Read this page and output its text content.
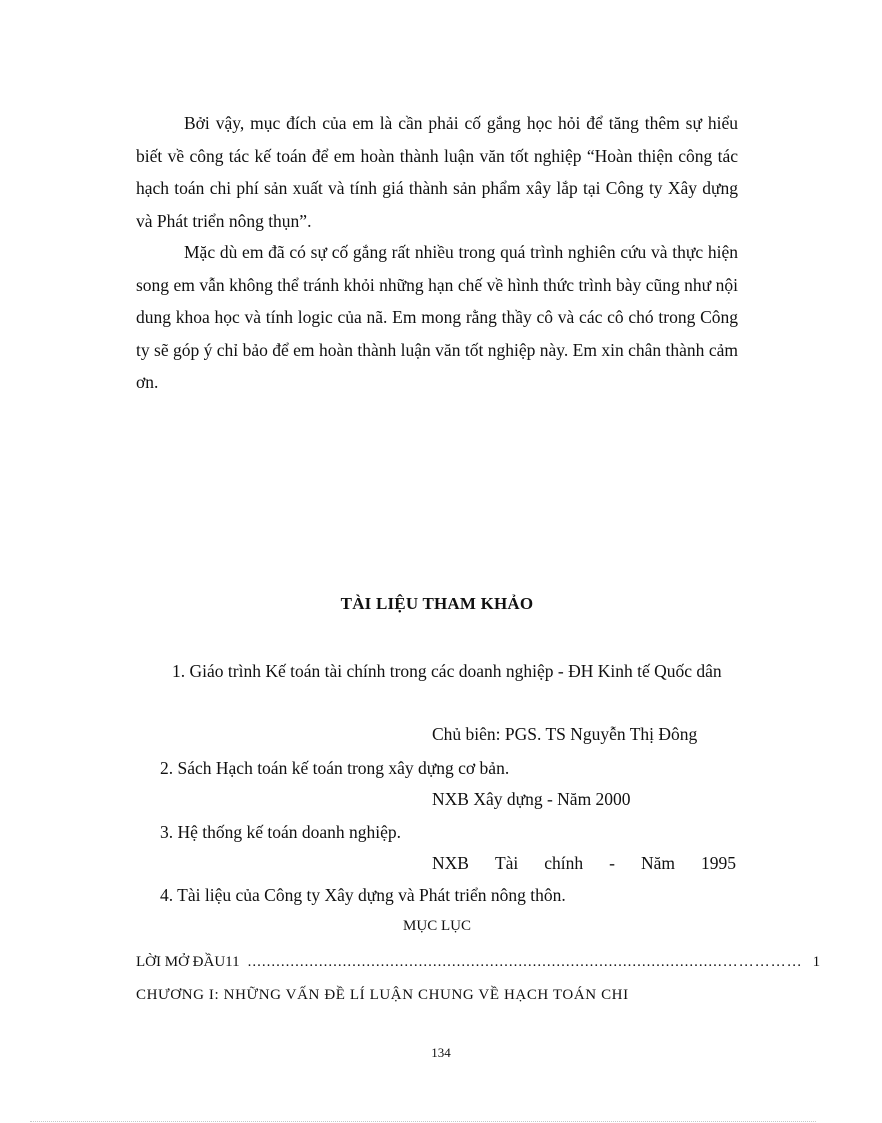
Bởi vậy, mục đích của em là cần phải cố gắng học hỏi để tăng thêm sự hiểu biết về công tác kế toán để em hoàn thành luận văn tốt nghiệp “Hoàn thiện công tác hạch toán chi phí sản xuất và tính giá thành sản phẩm xây lắp tại Công ty Xây dựng và Phát triển nông thụn”.

Mặc dù em đã có sự cố gắng rất nhiều trong quá trình nghiên cứu và thực hiện song em vẫn không thể tránh khỏi những hạn chế về hình thức trình bày cũng như nội dung khoa học và tính logic của nã. Em mong rằng thầy cô và các cô chó trong Công ty sẽ góp ý chỉ bảo để em hoàn thành luận văn tốt nghiệp này. Em xin chân thành cảm ơn.

TÀI LIỆU THAM KHẢO

1. Giáo trình Kế toán tài chính trong các doanh nghiệp - ĐH Kinh tế Quốc dân

Chủ biên: PGS. TS Nguyễn Thị Đông
2. Sách Hạch toán kế toán trong xây dựng cơ bản.
NXB Xây dựng - Năm 2000
3. Hệ thống kế toán doanh nghiệp.
NXB Tài chính - Năm 1995
4. Tài liệu của Công ty Xây dựng và Phát triển nông thôn.
MỤC LỤC
LỜI MỞ ĐẦU11 ....................................................................................................…………… 1
CHƯƠNG I: NHỮNG VẤN ĐỀ LÍ LUẬN CHUNG VỀ HẠCH TOÁN CHI
134
